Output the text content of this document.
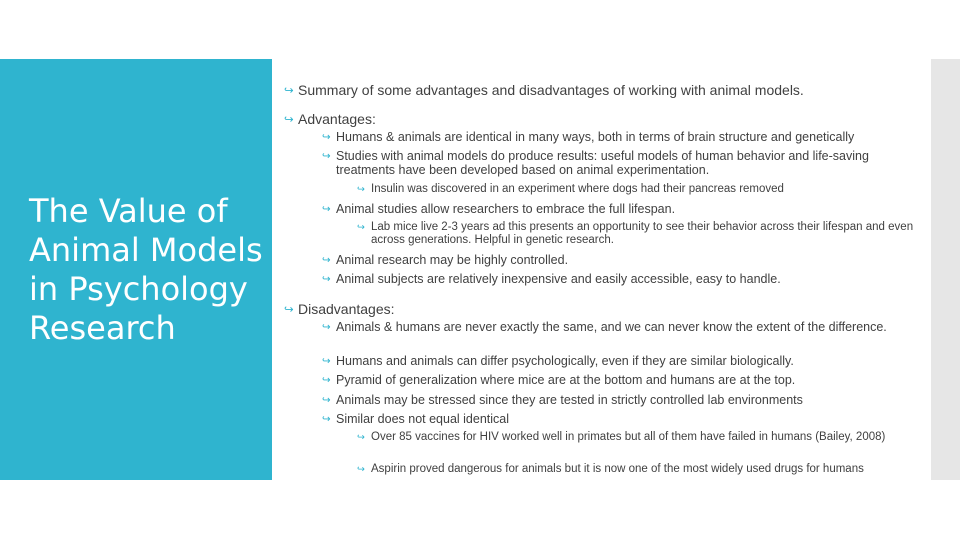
The Value of Animal Models in Psychology Research
↪ Summary of some advantages and disadvantages of working with animal models.
↪ Advantages:
↪ Humans & animals are identical in many ways, both in terms of brain structure and genetically
↪ Studies with animal models do produce results: useful models of human behavior and life-saving treatments have been developed based on animal experimentation.
↪ Insulin was discovered in an experiment where dogs had their pancreas removed
↪ Animal studies allow researchers to embrace the full lifespan.
↪ Lab mice live 2-3 years ad this presents an opportunity to see their behavior across their lifespan and even across generations. Helpful in genetic research.
↪ Animal research may be highly controlled.
↪ Animal subjects are relatively inexpensive and easily accessible, easy to handle.
↪ Disadvantages:
↪ Animals & humans are never exactly the same, and we can never know the extent of the difference.
↪ Humans and animals can differ psychologically, even if they are similar biologically.
↪ Pyramid of generalization where mice are at the bottom and humans are at the top.
↪ Animals may be stressed since they are tested in strictly controlled lab environments
↪ Similar does not equal identical
↪ Over 85 vaccines for HIV worked well in primates but all of them have failed in humans (Bailey, 2008)
↪ Aspirin proved dangerous for animals but it is now one of the most widely used drugs for humans
